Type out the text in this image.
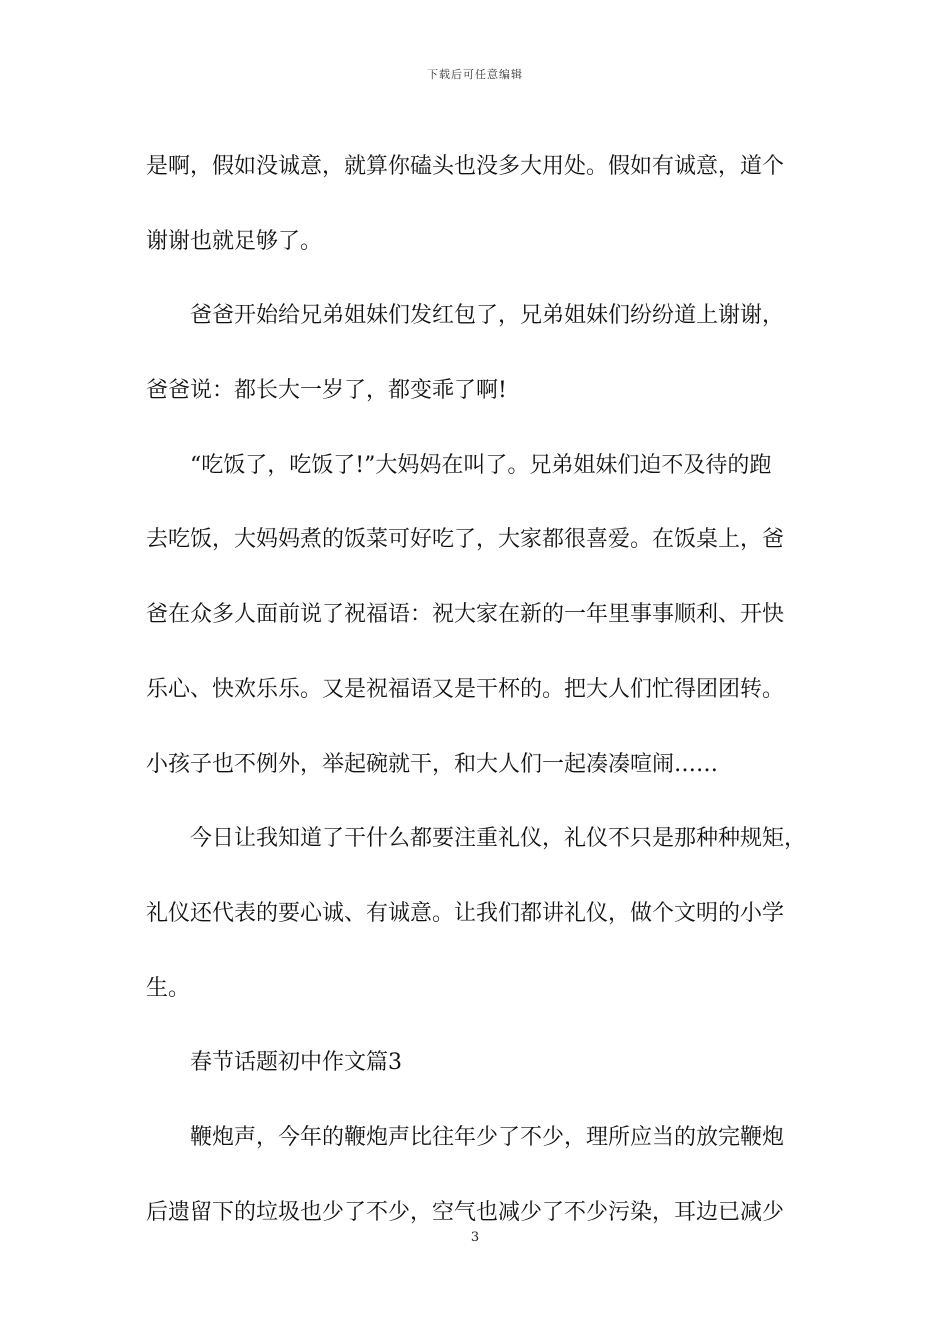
下载后可任意编辑
是啊，假如没诚意，就算你磕头也没多大用处。假如有诚意，道个
谢谢也就足够了。
爸爸开始给兄弟姐妹们发红包了，兄弟姐妹们纷纷道上谢谢，
爸爸说：都长大一岁了，都变乖了啊!
“吃饭了，吃饭了!”大妈妈在叫了。兄弟姐妹们迫不及待的跑
去吃饭，大妈妈煮的饭菜可好吃了，大家都很喜爱。在饭桌上，爸
爸在众多人面前说了祝福语：祝大家在新的一年里事事顺利、开快
乐心、快欢乐乐。又是祝福语又是干杯的。把大人们忙得团团转。
小孩子也不例外，举起碗就干，和大人们一起凑凑喧闹……
今日让我知道了干什么都要注重礼仪，礼仪不只是那种种规矩，
礼仪还代表的要心诚、有诚意。让我们都讲礼仪，做个文明的小学
生。
春节话题初中作文篇3
鞭炮声，今年的鞭炮声比往年少了不少，理所应当的放完鞭炮
后遗留下的垃圾也少了不少，空气也减少了不少污染，耳边已减少
3
